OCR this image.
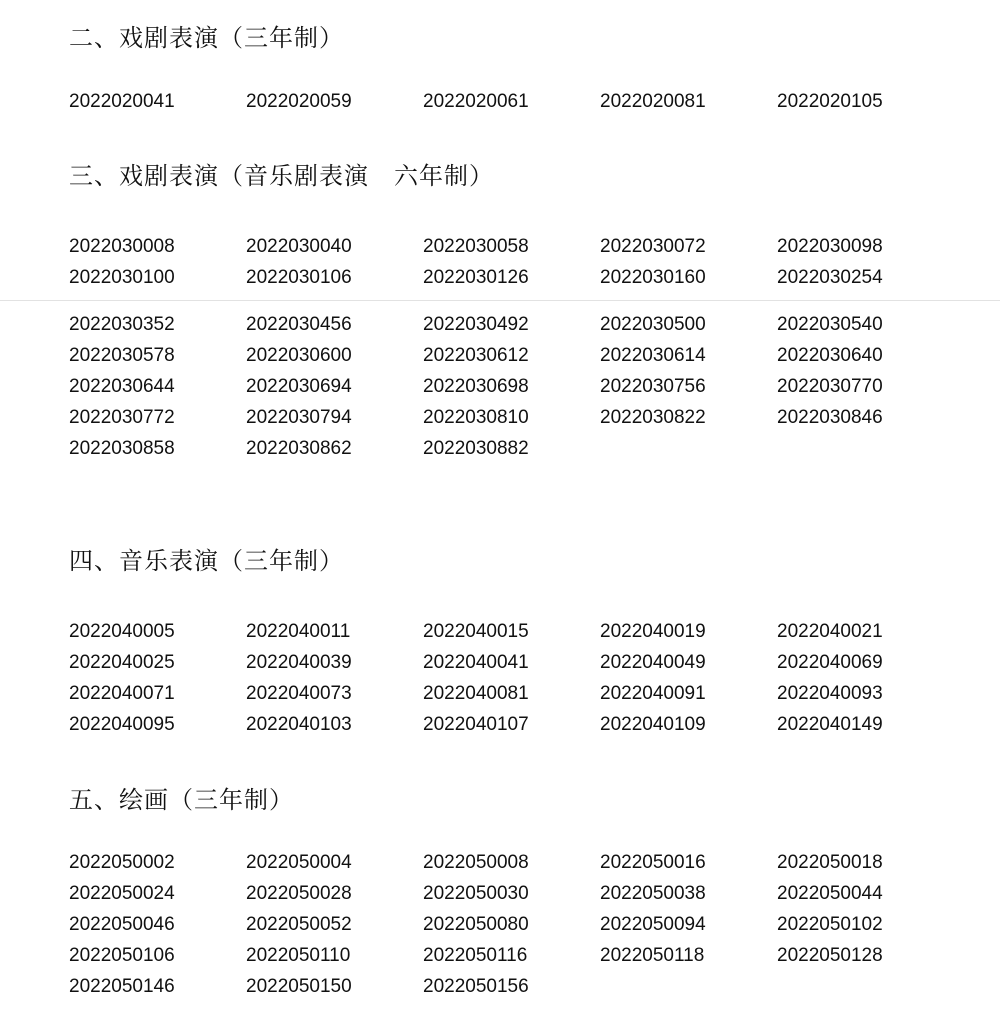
二、戏剧表演（三年制）
2022020041	2022020059	2022020061	2022020081	2022020105
三、戏剧表演（音乐剧表演　六年制）
2022030008	2022030040	2022030058	2022030072	2022030098
2022030100	2022030106	2022030126	2022030160	2022030254
2022030352	2022030456	2022030492	2022030500	2022030540
2022030578	2022030600	2022030612	2022030614	2022030640
2022030644	2022030694	2022030698	2022030756	2022030770
2022030772	2022030794	2022030810	2022030822	2022030846
2022030858	2022030862	2022030882
四、音乐表演（三年制）
2022040005	2022040011	2022040015	2022040019	2022040021
2022040025	2022040039	2022040041	2022040049	2022040069
2022040071	2022040073	2022040081	2022040091	2022040093
2022040095	2022040103	2022040107	2022040109	2022040149
五、绘画（三年制）
2022050002	2022050004	2022050008	2022050016	2022050018
2022050024	2022050028	2022050030	2022050038	2022050044
2022050046	2022050052	2022050080	2022050094	2022050102
2022050106	2022050110	2022050116	2022050118	2022050128
2022050146	2022050150	2022050156
